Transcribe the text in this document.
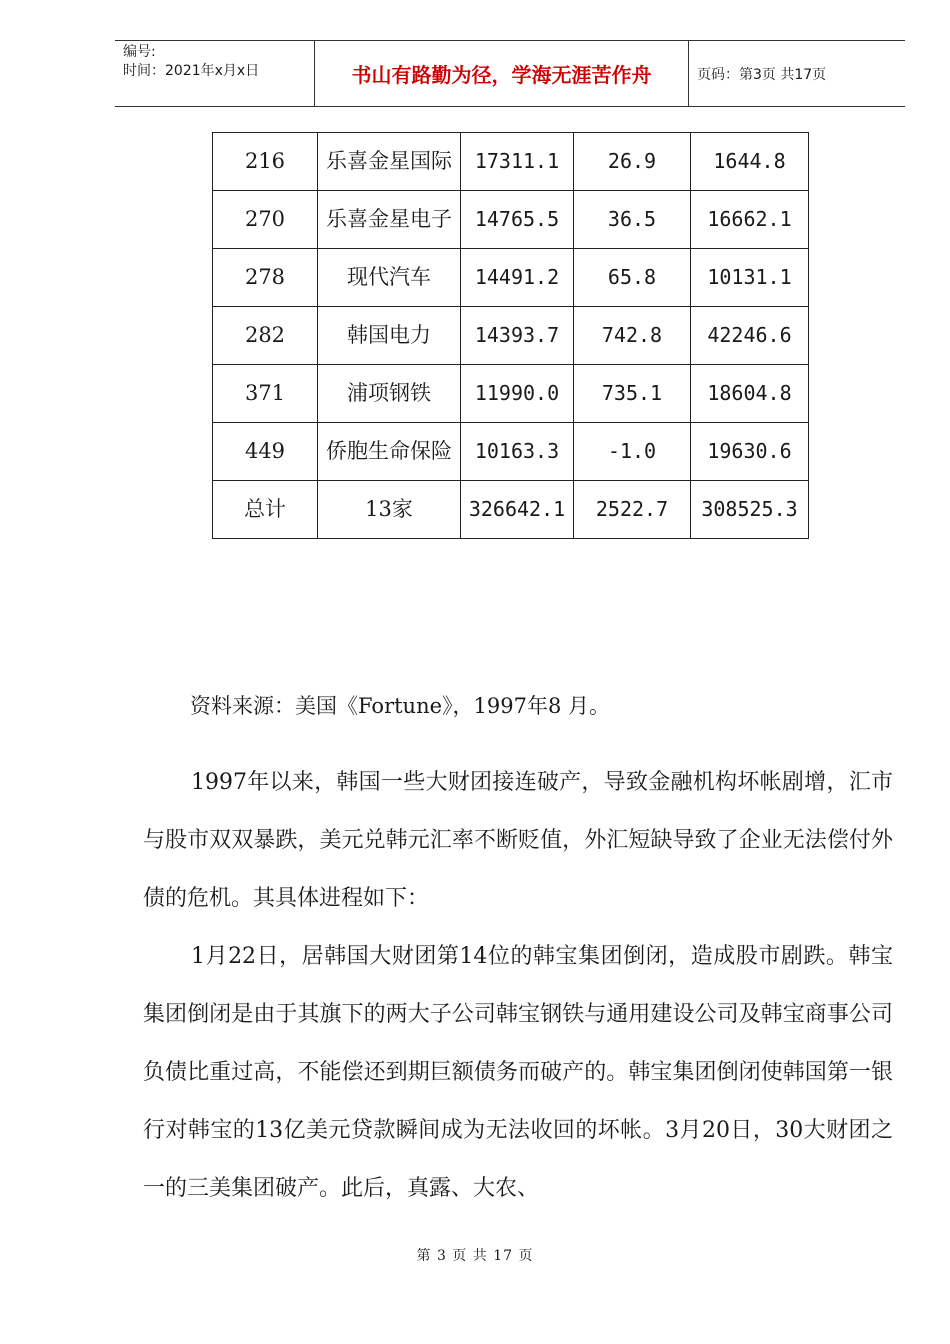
编号:
时间：2021年x月x日	书山有路勤为径，学海无涯苦作舟	页码：第3页 共17页
216	乐喜金星国际	17311.1	26.9	1644.8
270	乐喜金星电子	14765.5	36.5	16662.1
278	现代汽车	14491.2	65.8	10131.1
282	韩国电力	14393.7	742.8	42246.6
371	浦项钢铁	11990.0	735.1	18604.8
449	侨胞生命保险	10163.3	-1.0	19630.6
总计	13家	326642.1	2522.7	308525.3
资料来源：美国《Fortune》，1997年8 月。

1997年以来，韩国一些大财团接连破产，导致金融机构坏帐剧增，汇市与股市双双暴跌，美元兑韩元汇率不断贬值，外汇短缺导致了企业无法偿付外债的危机。其具体进程如下：

1月22日，居韩国大财团第14位的韩宝集团倒闭，造成股市剧跌。韩宝集团倒闭是由于其旗下的两大子公司韩宝钢铁与通用建设公司及韩宝商事公司负债比重过高，不能偿还到期巨额债务而破产的。韩宝集团倒闭使韩国第一银行对韩宝的13亿美元贷款瞬间成为无法收回的坏帐。3月20日，30大财团之一的三美集团破产。此后，真露、大农、

第 3 页 共 17 页
